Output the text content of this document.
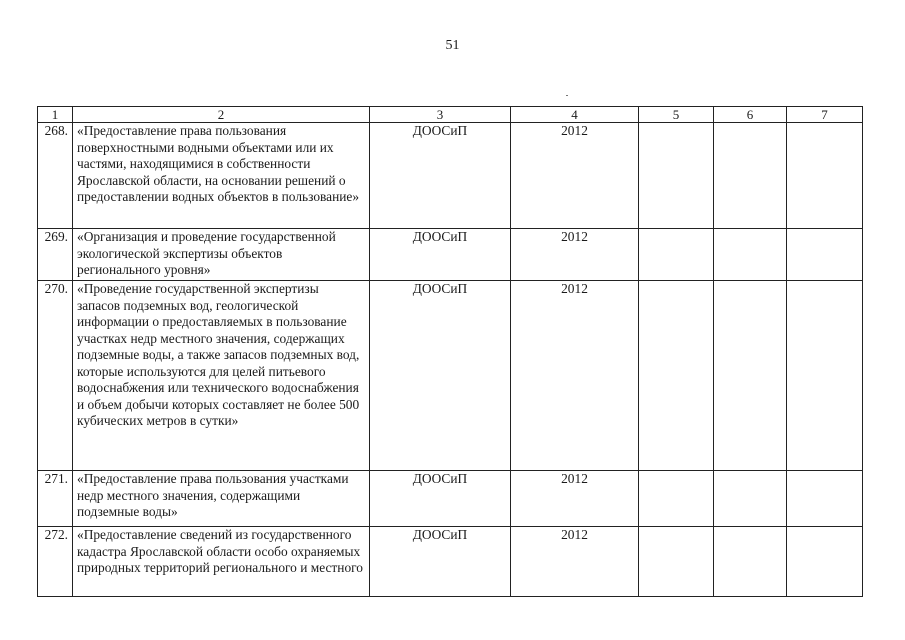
51
1	2	3	4	5	6	7
268.	«Предоставление права пользования поверхностными водными объектами или их частями, находящимися в собственности Ярославской области, на основании решений о предоставлении водных объектов в пользование»	ДООСиП	2012			
269.	«Организация и проведение государственной экологической экспертизы объектов регионального уровня»	ДООСиП	2012			
270.	«Проведение государственной экспертизы запасов подземных вод, геологической информации о предоставляемых в пользование участках недр местного значения, содержащих подземные воды, а также запасов подземных вод, которые используются для целей питьевого водоснабжения или технического водоснабжения и объем добычи которых составляет не более 500 кубических метров в сутки»	ДООСиП	2012			
271.	«Предоставление права пользования участками недр местного значения, содержащими подземные воды»	ДООСиП	2012			
272.	«Предоставление сведений из государственного кадастра Ярославской области особо охраняемых природных территорий регионального и местного	ДООСиП	2012			
